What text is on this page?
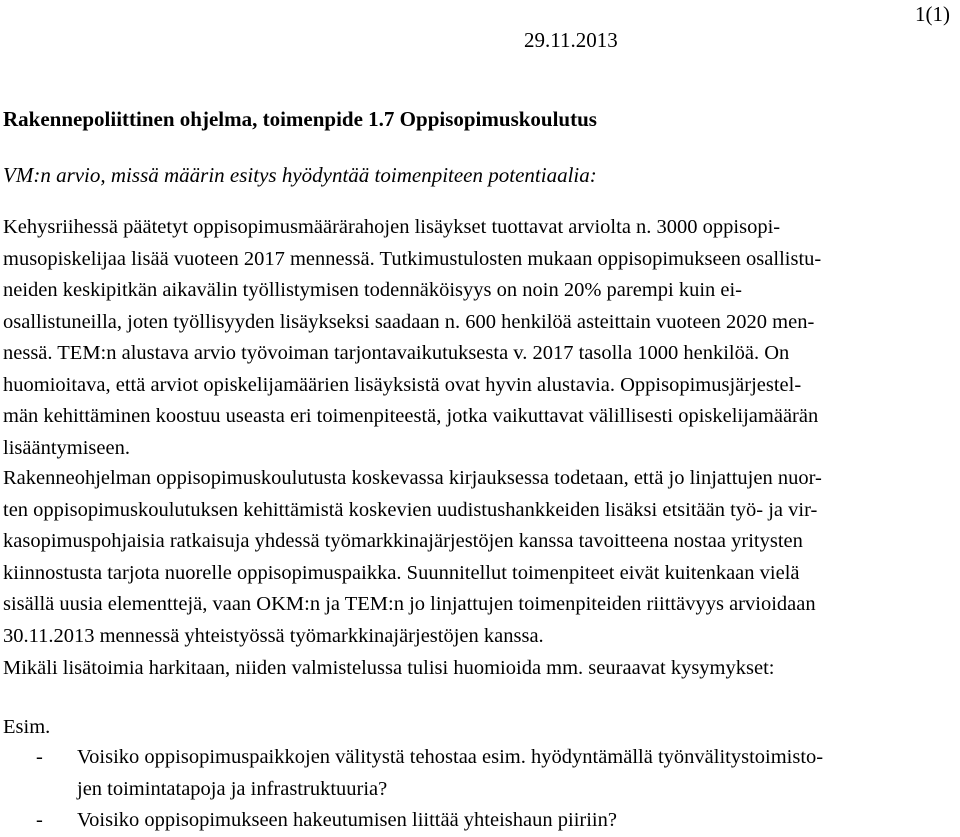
1(1)
29.11.2013
Rakennepoliittinen ohjelma, toimenpide 1.7 Oppisopimuskoulutus
VM:n arvio, missä määrin esitys hyödyntää toimenpiteen potentiaalia:
Kehysriihessä päätetyt oppisopimusmäärärahojen lisäykset tuottavat arviolta n. 3000 oppisopi-
musopiskelijaa lisää vuoteen 2017 mennessä. Tutkimustulosten mukaan oppisopimukseen osallistu-
neiden keskipitkän aikavälin työllistymisen todennäköisyys on noin 20% parempi kuin ei-
osallistuneilla, joten työllisyyden lisäykseksi saadaan n. 600 henkilöä asteittain vuoteen 2020 men-
nessä. TEM:n alustava arvio työvoiman tarjontavaikutuksesta v. 2017 tasolla 1000 henkilöä. On
huomioitava, että arviot opiskelijamäärien lisäyksistä ovat hyvin alustavia. Oppisopimusjärjestel-
män kehittäminen koostuu useasta eri toimenpiteestä, jotka vaikuttavat välillisesti opiskelijamäärän
lisääntymiseen.
Rakenneohjelman oppisopimuskoulutusta koskevassa kirjauksessa todetaan, että jo linjattujen nuor-
ten oppisopimuskoulutuksen kehittämistä koskevien uudistushankkeiden lisäksi etsitään työ- ja vir-
kasopimuspohjaisia ratkaisuja yhdessä työmarkkinajärjestöjen kanssa tavoitteena nostaa yritysten
kiinnostusta tarjota nuorelle oppisopimuspaikka. Suunnitellut toimenpiteet eivät kuitenkaan vielä
sisällä uusia elementtejä, vaan OKM:n ja TEM:n jo linjattujen toimenpiteiden riittävyys arvioidaan
30.11.2013 mennessä yhteistyössä työmarkkinajärjestöjen kanssa.
Mikäli lisätoimia harkitaan, niiden valmistelussa tulisi huomioida mm. seuraavat kysymykset:
Esim.
- Voisiko oppisopimuspaikkojen välitystä tehostaa esim. hyödyntämällä työnvälitystoimisto-
jen toimintatapoja ja infrastruktuuria?
- Voisiko oppisopimukseen hakeutumisen liittää yhteishaun piiriin?
